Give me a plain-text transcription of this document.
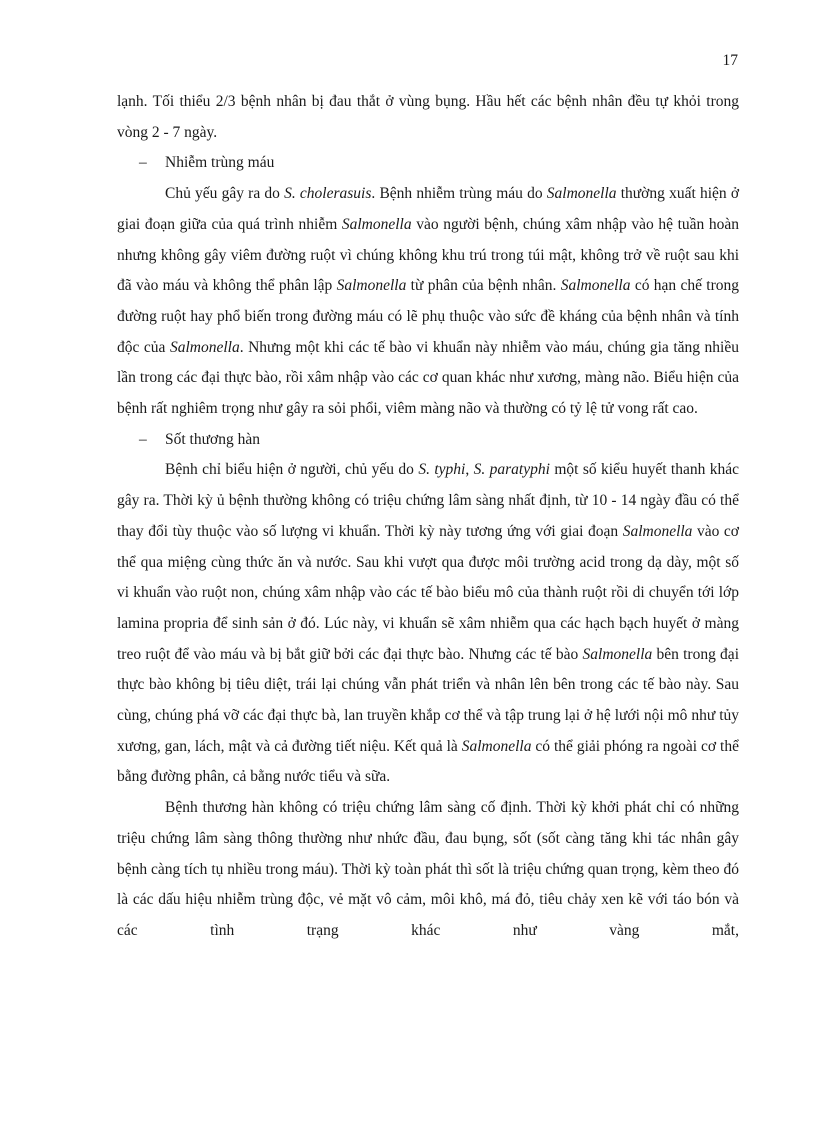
17

lạnh. Tối thiểu 2/3 bệnh nhân bị đau thắt ở vùng bụng. Hầu hết các bệnh nhân đều tự khỏi trong vòng 2 - 7 ngày.

– Nhiễm trùng máu

Chủ yếu gây ra do S. cholerasuis. Bệnh nhiễm trùng máu do Salmonella thường xuất hiện ở giai đoạn giữa của quá trình nhiễm Salmonella vào người bệnh, chúng xâm nhập vào hệ tuần hoàn nhưng không gây viêm đường ruột vì chúng không khu trú trong túi mật, không trở về ruột sau khi đã vào máu và không thể phân lập Salmonella từ phân của bệnh nhân. Salmonella có hạn chế trong đường ruột hay phổ biến trong đường máu có lẽ phụ thuộc vào sức đề kháng của bệnh nhân và tính độc của Salmonella. Nhưng một khi các tế bào vi khuẩn này nhiễm vào máu, chúng gia tăng nhiều lần trong các đại thực bào, rồi xâm nhập vào các cơ quan khác như xương, màng não. Biểu hiện của bệnh rất nghiêm trọng như gây ra sỏi phổi, viêm màng não và thường có tỷ lệ tử vong rất cao.

– Sốt thương hàn

Bệnh chỉ biểu hiện ở người, chủ yếu do S. typhi, S. paratyphi một số kiểu huyết thanh khác gây ra. Thời kỳ ủ bệnh thường không có triệu chứng lâm sàng nhất định, từ 10 - 14 ngày đầu có thể thay đổi tùy thuộc vào số lượng vi khuẩn. Thời kỳ này tương ứng với giai đoạn Salmonella vào cơ thể qua miệng cùng thức ăn và nước. Sau khi vượt qua được môi trường acid trong dạ dày, một số vi khuẩn vào ruột non, chúng xâm nhập vào các tế bào biểu mô của thành ruột rồi di chuyển tới lớp lamina propria để sinh sản ở đó. Lúc này, vi khuẩn sẽ xâm nhiễm qua các hạch bạch huyết ở màng treo ruột để vào máu và bị bắt giữ bởi các đại thực bào. Nhưng các tế bào Salmonella bên trong đại thực bào không bị tiêu diệt, trái lại chúng vẫn phát triển và nhân lên bên trong các tế bào này. Sau cùng, chúng phá vỡ các đại thực bà, lan truyền khắp cơ thể và tập trung lại ở hệ lưới nội mô như tủy xương, gan, lách, mật và cả đường tiết niệu. Kết quả là Salmonella có thể giải phóng ra ngoài cơ thể bằng đường phân, cả bằng nước tiểu và sữa.

Bệnh thương hàn không có triệu chứng lâm sàng cố định. Thời kỳ khởi phát chỉ có những triệu chứng lâm sàng thông thường như nhức đầu, đau bụng, sốt (sốt càng tăng khi tác nhân gây bệnh càng tích tụ nhiều trong máu). Thời kỳ toàn phát thì sốt là triệu chứng quan trọng, kèm theo đó là các dấu hiệu nhiễm trùng độc, vẻ mặt vô cảm, môi khô, má đỏ, tiêu chảy xen kẽ với táo bón và các tình trạng khác như vàng mắt,
